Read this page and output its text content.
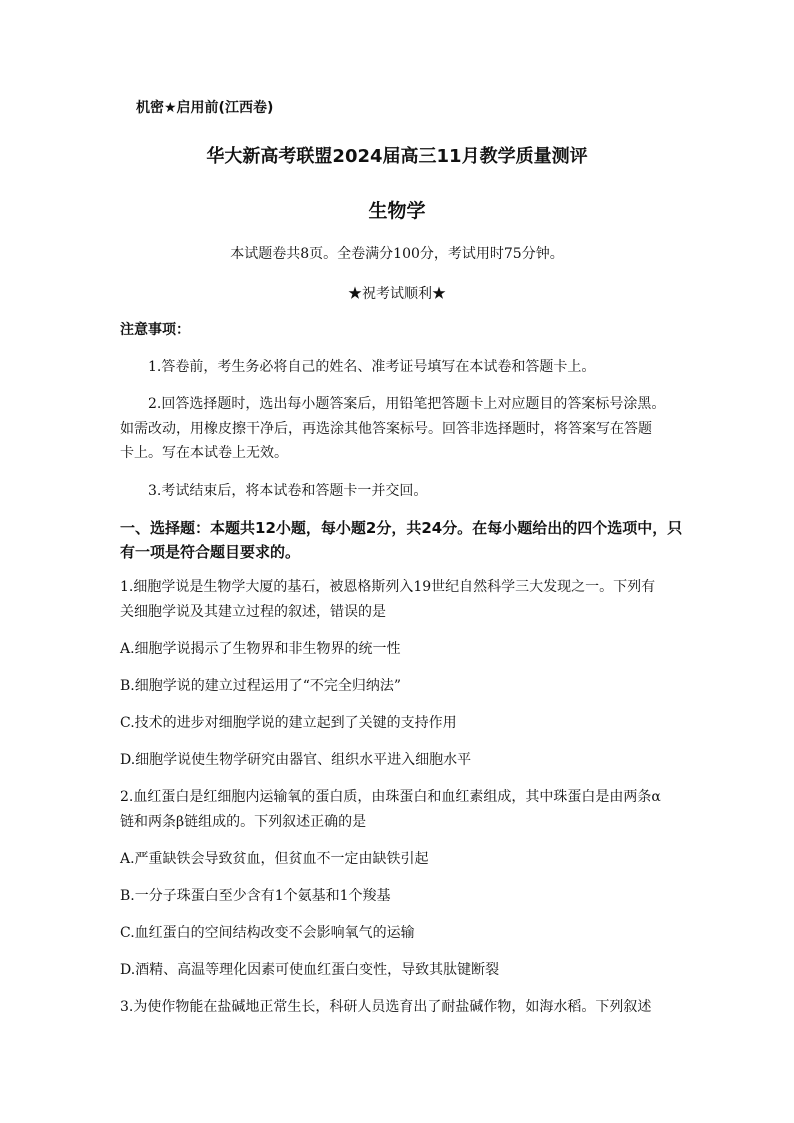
机密★启用前(江西卷)
华大新高考联盟2024届高三11月教学质量测评
生物学
本试题卷共8页。全卷满分100分，考试用时75分钟。
★祝考试顺利★
注意事项：
1.答卷前，考生务必将自己的姓名、准考证号填写在本试卷和答题卡上。
2.回答选择题时，选出每小题答案后，用铅笔把答题卡上对应题目的答案标号涂黑。
如需改动，用橡皮擦干净后，再选涂其他答案标号。回答非选择题时，将答案写在答题
卡上。写在本试卷上无效。
3.考试结束后，将本试卷和答题卡一并交回。
一、选择题：本题共12小题，每小题2分，共24分。在每小题给出的四个选项中，只
有一项是符合题目要求的。
1.细胞学说是生物学大厦的基石，被恩格斯列入19世纪自然科学三大发现之一。下列有
关细胞学说及其建立过程的叙述，错误的是
A.细胞学说揭示了生物界和非生物界的统一性
B.细胞学说的建立过程运用了“不完全归纳法”
C.技术的进步对细胞学说的建立起到了关键的支持作用
D.细胞学说使生物学研究由器官、组织水平进入细胞水平
2.血红蛋白是红细胞内运输氧的蛋白质，由珠蛋白和血红素组成，其中珠蛋白是由两条α
链和两条β链组成的。下列叙述正确的是
A.严重缺铁会导致贫血，但贫血不一定由缺铁引起
B.一分子珠蛋白至少含有1个氨基和1个羧基
C.血红蛋白的空间结构改变不会影响氧气的运输
D.酒精、高温等理化因素可使血红蛋白变性，导致其肽键断裂
3.为使作物能在盐碱地正常生长，科研人员选育出了耐盐碱作物，如海水稻。下列叙述
